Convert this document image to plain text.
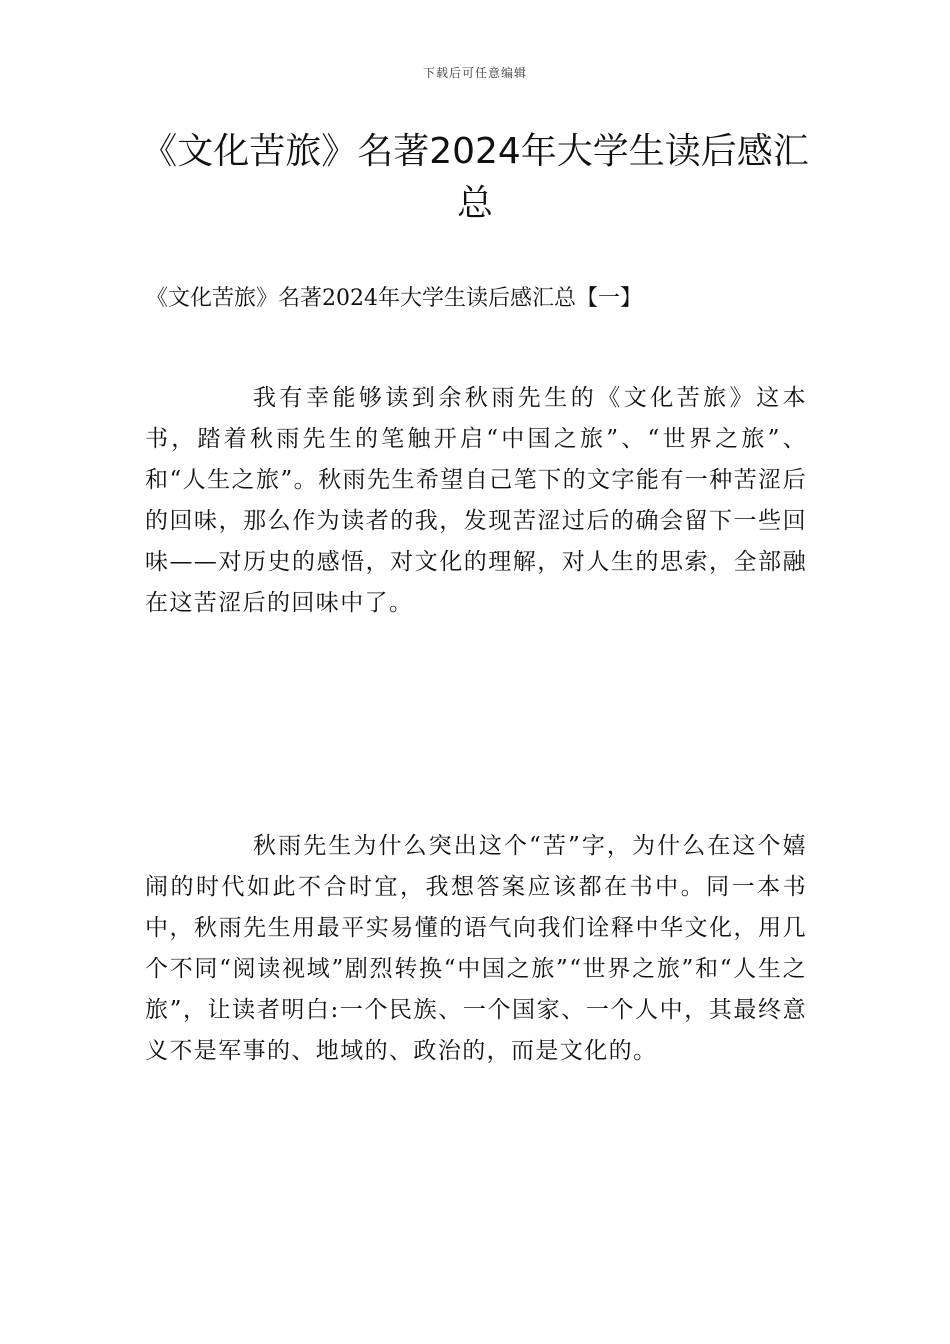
下载后可任意编辑
《文化苦旅》名著2024年大学生读后感汇总

《文化苦旅》名著2024年大学生读后感汇总【一】

我有幸能够读到余秋雨先生的《文化苦旅》这本书，踏着秋雨先生的笔触开启“中国之旅”、“世界之旅”、和“人生之旅”。秋雨先生希望自己笔下的文字能有一种苦涩后的回味，那么作为读者的我，发现苦涩过后的确会留下一些回味——对历史的感悟，对文化的理解，对人生的思索，全部融在这苦涩后的回味中了。

秋雨先生为什么突出这个“苦”字，为什么在这个嬉闹的时代如此不合时宜，我想答案应该都在书中。同一本书中，秋雨先生用最平实易懂的语气向我们诠释中华文化，用几个不同“阅读视域”剧烈转换“中国之旅”“世界之旅”和“人生之旅”，让读者明白:一个民族、一个国家、一个人中，其最终意义不是军事的、地域的、政治的，而是文化的。
